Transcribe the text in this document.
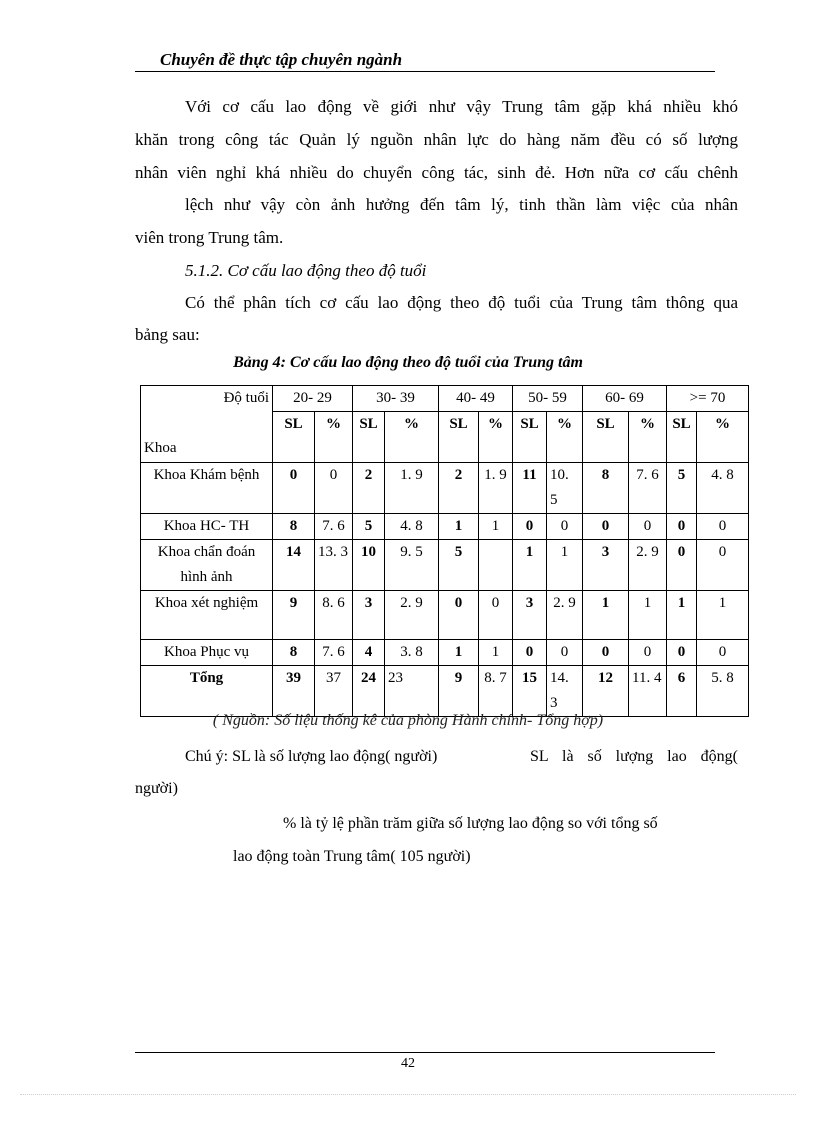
Chuyên đề thực tập chuyên ngành
Với cơ cấu lao động về giới như vậy Trung tâm gặp khá nhiều khó
khăn trong công tác Quản lý nguồn nhân lực do hàng năm đều có số lượng
nhân viên nghỉ khá nhiều do chuyển công tác, sinh đẻ. Hơn nữa cơ cấu chênh
lệch như vậy còn ảnh hưởng đến tâm lý, tinh thần làm việc của nhân
viên trong Trung tâm.
5.1.2. Cơ cấu lao động theo độ tuổi
Có thể phân tích cơ cấu lao động theo độ tuổi của Trung tâm thông qua
bảng sau:
Bảng 4: Cơ cấu lao động theo độ tuổi của Trung tâm
Độ tuổi
Khoa	20- 29		30- 39		40- 49		50- 59		60- 69		>= 70	
	SL	%	SL	%	SL	%	SL	%	SL	%	SL	%
Khoa Khám bệnh	0	0	2	1. 9	2	1. 9	11	10. 5	8	7. 6	5	4. 8
Khoa HC- TH	8	7. 6	5	4. 8	1	1	0	0	0	0	0	0
Khoa chẩn đoán hình ảnh	14	13. 3	10	9. 5	5		1	1	3	2. 9	0	0
Khoa xét nghiệm	9	8. 6	3	2. 9	0	0	3	2. 9	1	1	1	1
Khoa Phục vụ	8	7. 6	4	3. 8	1	1	0	0	0	0	0	0
Tổng	39	37	24	23	9	8. 7	15	14. 3	12	11. 4	6	5. 8
( Nguồn: Số liệu thống kê của phòng Hành chính- Tổng hợp)
Chú ý: SL là số lượng lao động( người)	SL là số lượng lao động(
người)
% là tỷ lệ phần trăm giữa số lượng lao động so với tổng số
lao động toàn Trung tâm( 105 người)
42
